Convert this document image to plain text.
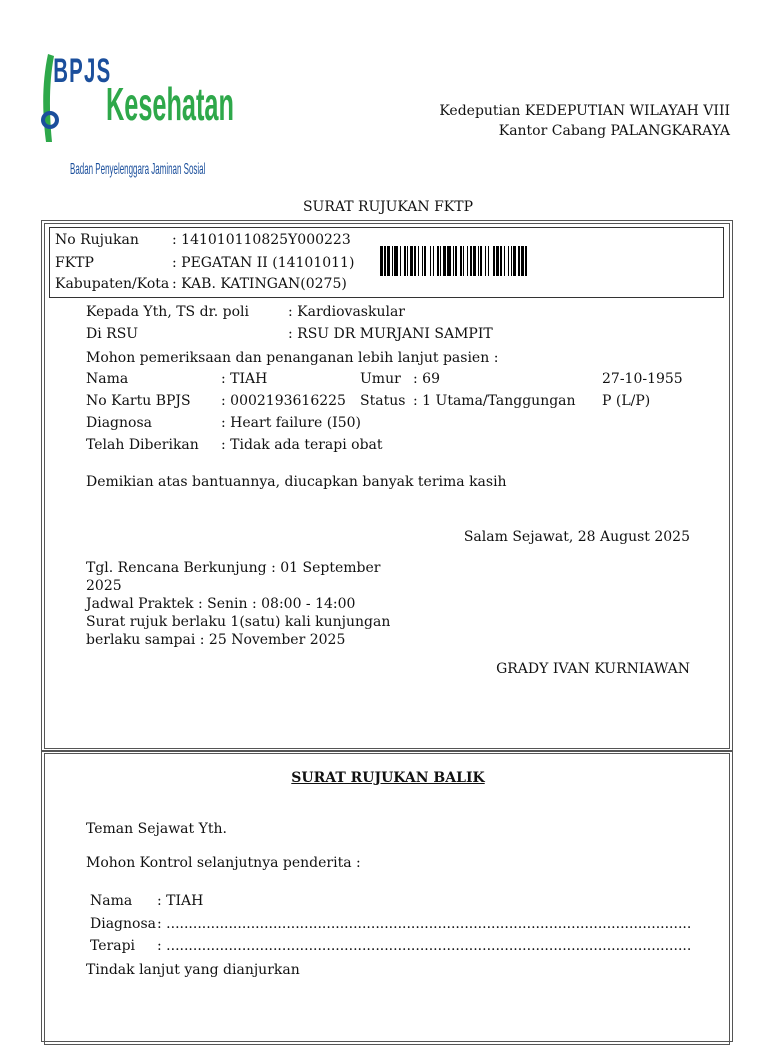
BPJS
Kesehatan
Badan Penyelenggara Jaminan Sosial
Kedeputian KEDEPUTIAN WILAYAH VIII
Kantor Cabang PALANGKARAYA
SURAT RUJUKAN FKTP
No Rujukan : 141010110825Y000223
FKTP	: PEGATAN II (14101011)
Kabupaten/Kota : KAB. KATINGAN(0275)
Kepada Yth, TS dr. poli	: Kardiovaskular
Di RSU	: RSU DR MURJANI SAMPIT
Mohon pemeriksaan dan penanganan lebih lanjut pasien :
Nama	: TIAH	Umur : 69	27-10-1955
No Kartu BPJS : 0002193616225 Status : 1 Utama/Tanggungan P (L/P)
Diagnosa	: Heart failure (I50)
Telah Diberikan : Tidak ada terapi obat
Demikian atas bantuannya, diucapkan banyak terima kasih
Salam Sejawat, 28 August 2025
Tgl. Rencana Berkunjung : 01 September
2025
Jadwal Praktek : Senin : 08:00 - 14:00
Surat rujuk berlaku 1(satu) kali kunjungan
berlaku sampai : 25 November 2025
GRADY IVAN KURNIAWAN
SURAT RUJUKAN BALIK
Teman Sejawat Yth.
Mohon Kontrol selanjutnya penderita :
Nama : TIAH
Diagnosa : ......................................................................................................................
Terapi : ......................................................................................................................
Tindak lanjut yang dianjurkan
